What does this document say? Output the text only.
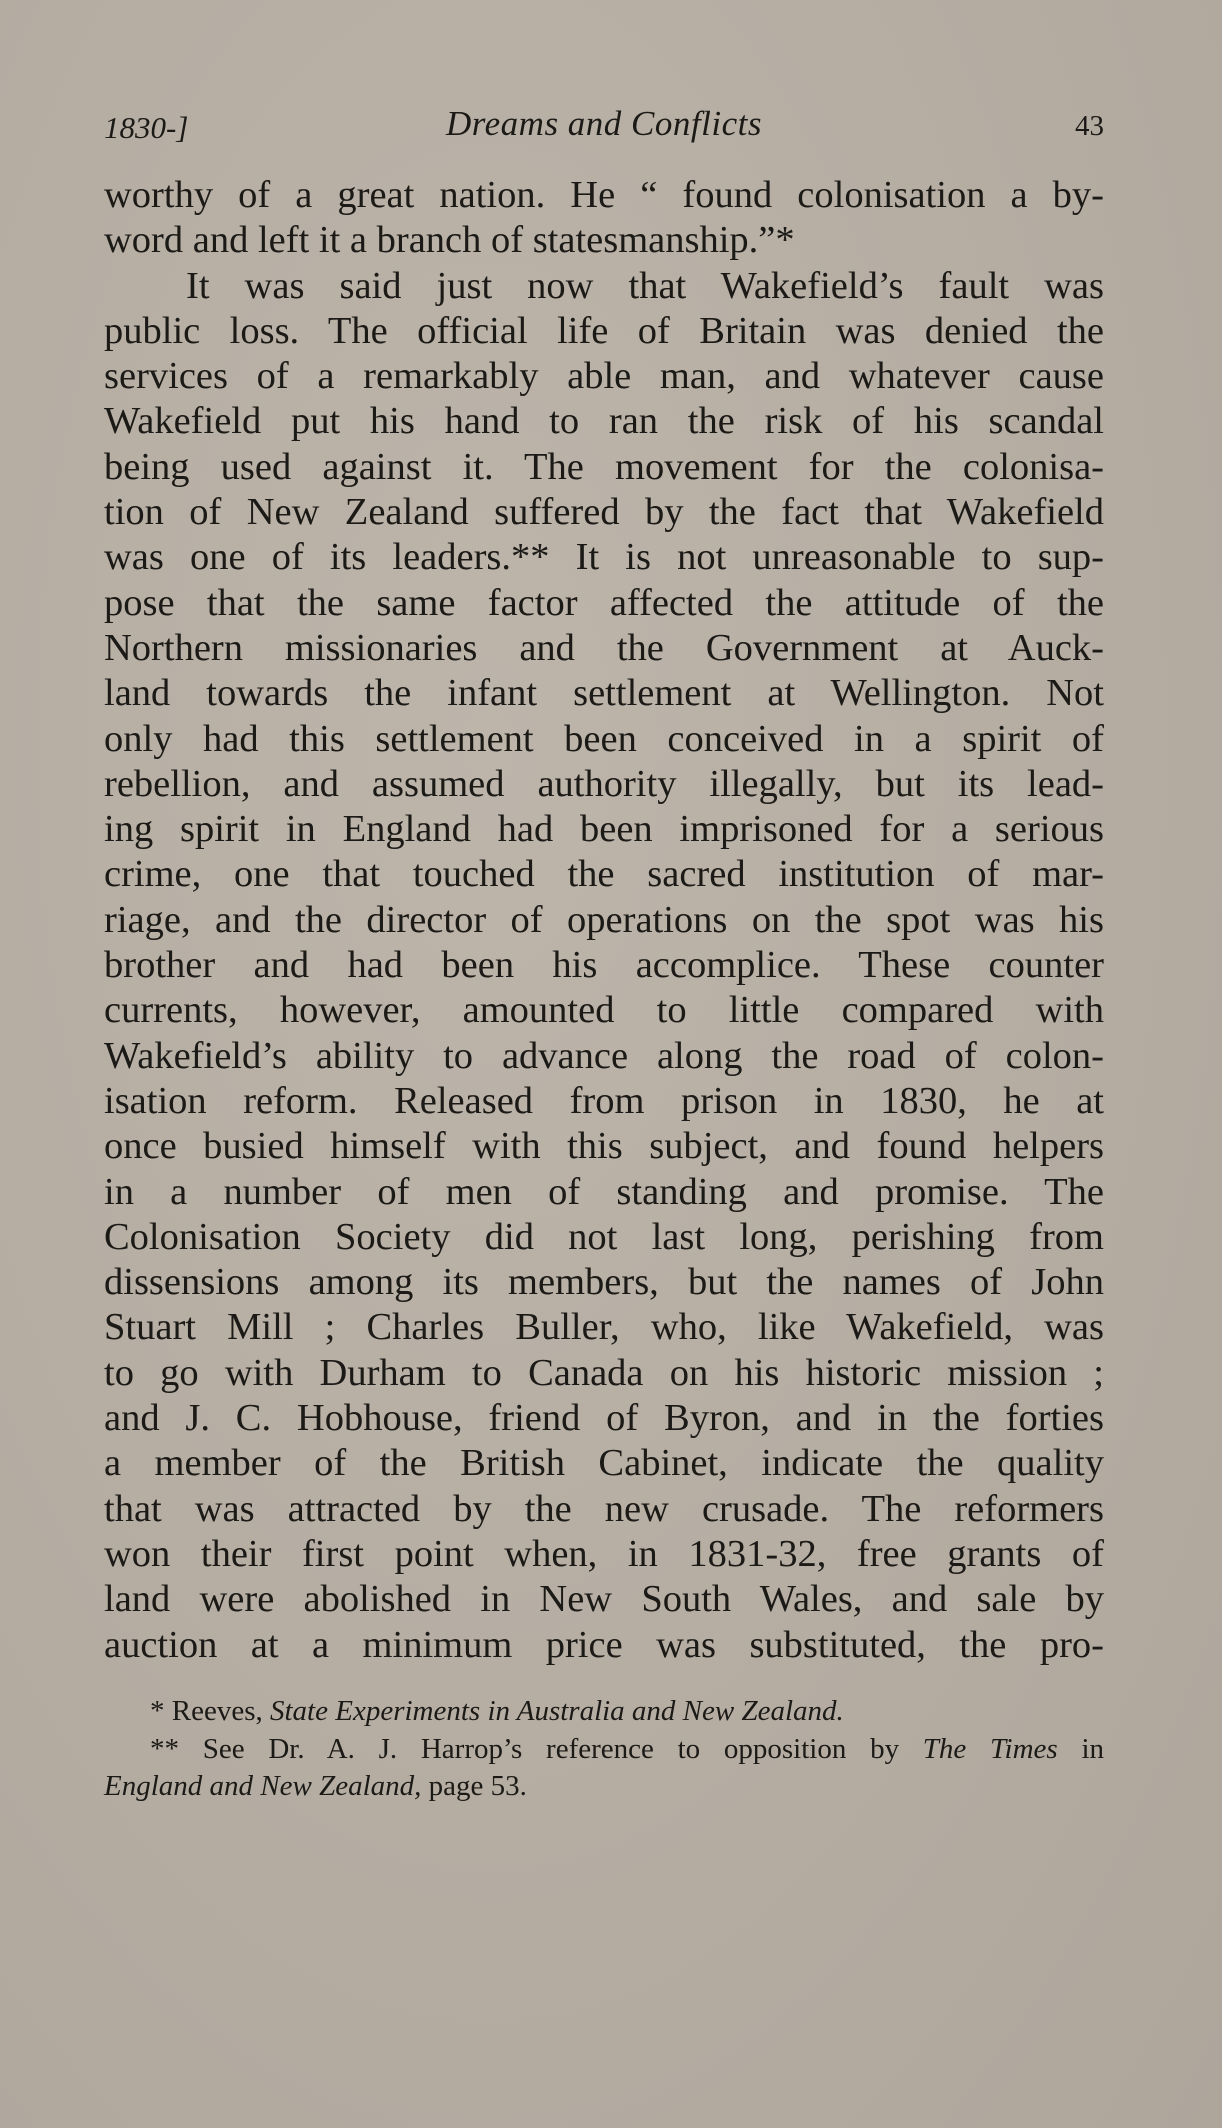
1830-]	Dreams and Conflicts	43
worthy of a great nation. He “ found colonisation a by-
word and left it a branch of statesmanship.”*
It was said just now that Wakefield’s fault was
public loss. The official life of Britain was denied the
services of a remarkably able man, and whatever cause
Wakefield put his hand to ran the risk of his scandal
being used against it. The movement for the colonisa-
tion of New Zealand suffered by the fact that Wakefield
was one of its leaders.** It is not unreasonable to sup-
pose that the same factor affected the attitude of the
Northern missionaries and the Government at Auck-
land towards the infant settlement at Wellington. Not
only had this settlement been conceived in a spirit of
rebellion, and assumed authority illegally, but its lead-
ing spirit in England had been imprisoned for a serious
crime, one that touched the sacred institution of mar-
riage, and the director of operations on the spot was his
brother and had been his accomplice. These counter
currents, however, amounted to little compared with
Wakefield’s ability to advance along the road of colon-
isation reform. Released from prison in 1830, he at
once busied himself with this subject, and found helpers
in a number of men of standing and promise. The
Colonisation Society did not last long, perishing from
dissensions among its members, but the names of John
Stuart Mill ; Charles Buller, who, like Wakefield, was
to go with Durham to Canada on his historic mission ;
and J. C. Hobhouse, friend of Byron, and in the forties
a member of the British Cabinet, indicate the quality
that was attracted by the new crusade. The reformers
won their first point when, in 1831-32, free grants of
land were abolished in New South Wales, and sale by
auction at a minimum price was substituted, the pro-
* Reeves, State Experiments in Australia and New Zealand.
** See Dr. A. J. Harrop’s reference to opposition by The Times in
England and New Zealand, page 53.
